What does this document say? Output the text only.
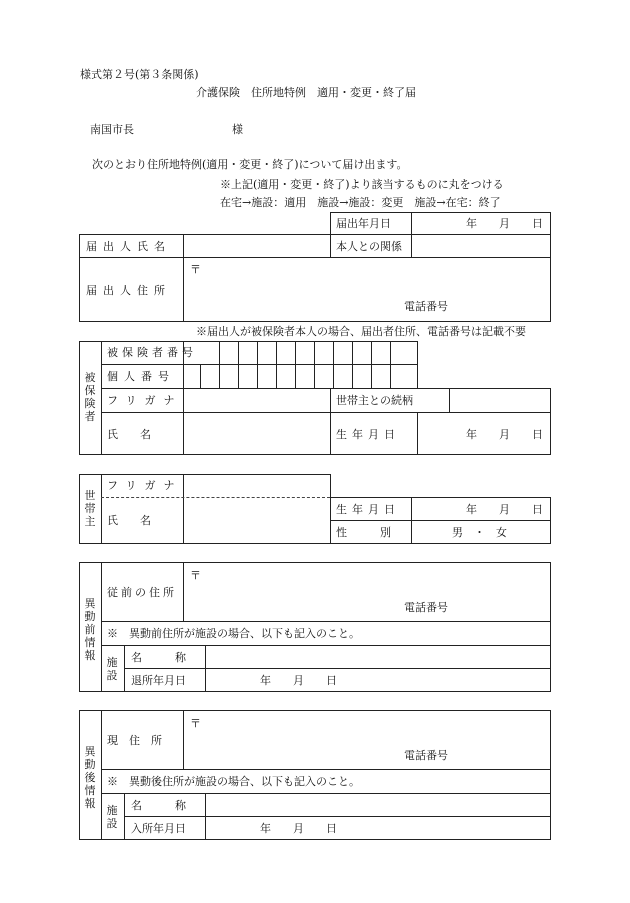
様式第２号(第３条関係)
介護保険　住所地特例　適用・変更・終了届
南国市長	様
次のとおり住所地特例(適用・変更・終了)について届け出ます。
※上記(適用・変更・終了)より該当するものに丸をつける
在宅→施設：適用　施設→施設：変更　施設→在宅：終了
届出年月日	年　　月　　日
届出人氏名	本人との関係
届出人住所
〒
電話番号
※届出人が被保険者本人の場合、届出者住所、電話番号は記載不要
被保険者
被保険者番号
個人番号
フリガナ	世帯主との続柄
氏　　名	生年月日	年　　月　　日
世帯主
フリガナ
氏　　名
生年月日	年　　月　　日
性　　　別	男　・　女
異動前情報
従前の住所
〒
電話番号
※　異動前住所が施設の場合、以下も記入のこと。
施設
名　　　称
退所年月日	年　　月　　日
異動後情報
現　住　所
〒
電話番号
※　異動後住所が施設の場合、以下も記入のこと。
施設
名　　　称
入所年月日	年　　月　　日
